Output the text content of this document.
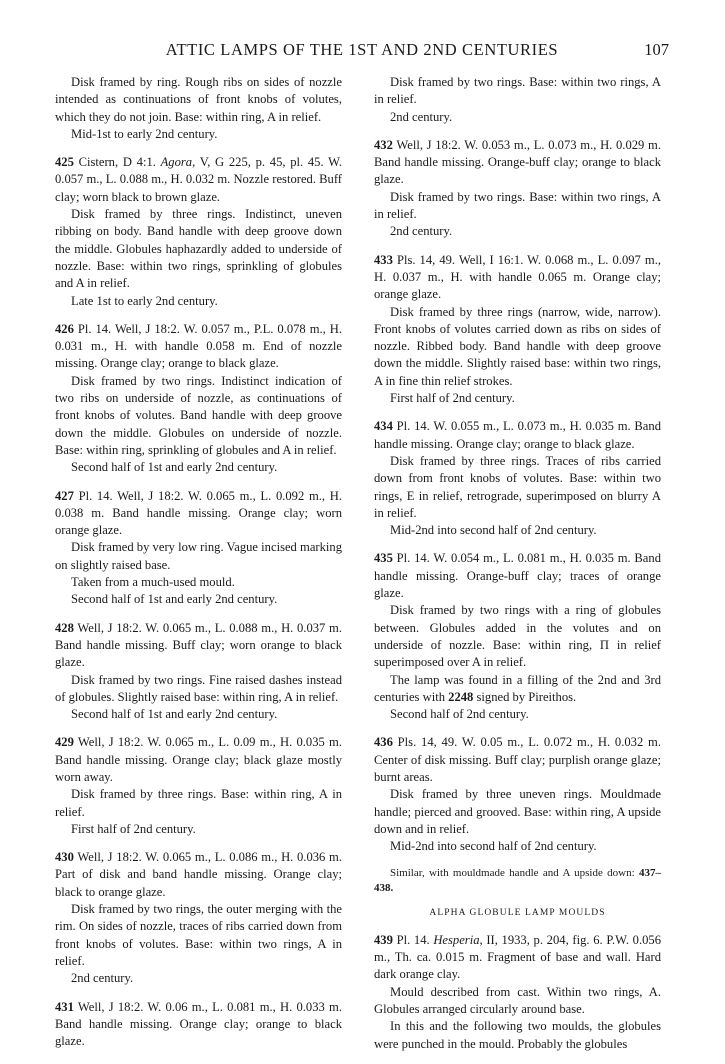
ATTIC LAMPS OF THE 1ST AND 2ND CENTURIES	107

Disk framed by ring. Rough ribs on sides of nozzle intended as continuations of front knobs of volutes, which they do not join. Base: within ring, A in relief.

Mid-1st to early 2nd century.

425 Cistern, D 4:1. Agora, V, G 225, p. 45, pl. 45. W. 0.057 m., L. 0.088 m., H. 0.032 m. Nozzle restored. Buff clay; worn black to brown glaze.

Disk framed by three rings. Indistinct, uneven ribbing on body. Band handle with deep groove down the middle. Globules haphazardly added to underside of nozzle. Base: within two rings, sprinkling of globules and A in relief.

Late 1st to early 2nd century.

426 Pl. 14. Well, J 18:2. W. 0.057 m., P.L. 0.078 m., H. 0.031 m., H. with handle 0.058 m. End of nozzle missing. Orange clay; orange to black glaze.

Disk framed by two rings. Indistinct indication of two ribs on underside of nozzle, as continuations of front knobs of volutes. Band handle with deep groove down the middle. Globules on underside of nozzle. Base: within ring, sprinkling of globules and A in relief.

Second half of 1st and early 2nd century.

427 Pl. 14. Well, J 18:2. W. 0.065 m., L. 0.092 m., H. 0.038 m. Band handle missing. Orange clay; worn orange glaze.

Disk framed by very low ring. Vague incised marking on slightly raised base.

Taken from a much-used mould.

Second half of 1st and early 2nd century.

428 Well, J 18:2. W. 0.065 m., L. 0.088 m., H. 0.037 m. Band handle missing. Buff clay; worn orange to black glaze.

Disk framed by two rings. Fine raised dashes instead of globules. Slightly raised base: within ring, A in relief.

Second half of 1st and early 2nd century.

429 Well, J 18:2. W. 0.065 m., L. 0.09 m., H. 0.035 m. Band handle missing. Orange clay; black glaze mostly worn away.

Disk framed by three rings. Base: within ring, A in relief.

First half of 2nd century.

430 Well, J 18:2. W. 0.065 m., L. 0.086 m., H. 0.036 m. Part of disk and band handle missing. Orange clay; black to orange glaze.

Disk framed by two rings, the outer merging with the rim. On sides of nozzle, traces of ribs carried down from front knobs of volutes. Base: within two rings, A in relief.

2nd century.

431 Well, J 18:2. W. 0.06 m., L. 0.081 m., H. 0.033 m. Band handle missing. Orange clay; orange to black glaze.

Disk framed by two rings. Base: within two rings, A in relief.

2nd century.

432 Well, J 18:2. W. 0.053 m., L. 0.073 m., H. 0.029 m. Band handle missing. Orange-buff clay; orange to black glaze.

Disk framed by two rings. Base: within two rings, A in relief.

2nd century.

433 Pls. 14, 49. Well, I 16:1. W. 0.068 m., L. 0.097 m., H. 0.037 m., H. with handle 0.065 m. Orange clay; orange glaze.

Disk framed by three rings (narrow, wide, narrow). Front knobs of volutes carried down as ribs on sides of nozzle. Ribbed body. Band handle with deep groove down the middle. Slightly raised base: within two rings, A in fine thin relief strokes.

First half of 2nd century.

434 Pl. 14. W. 0.055 m., L. 0.073 m., H. 0.035 m. Band handle missing. Orange clay; orange to black glaze.

Disk framed by three rings. Traces of ribs carried down from front knobs of volutes. Base: within two rings, E in relief, retrograde, superimposed on blurry A in relief.

Mid-2nd into second half of 2nd century.

435 Pl. 14. W. 0.054 m., L. 0.081 m., H. 0.035 m. Band handle missing. Orange-buff clay; traces of orange glaze.

Disk framed by two rings with a ring of globules between. Globules added in the volutes and on underside of nozzle. Base: within ring, Π in relief superimposed over A in relief.

The lamp was found in a filling of the 2nd and 3rd centuries with 2248 signed by Pireithos.

Second half of 2nd century.

436 Pls. 14, 49. W. 0.05 m., L. 0.072 m., H. 0.032 m. Center of disk missing. Buff clay; purplish orange glaze; burnt areas.

Disk framed by three uneven rings. Mouldmade handle; pierced and grooved. Base: within ring, A upside down and in relief.

Mid-2nd into second half of 2nd century.

Similar, with mouldmade handle and A upside down: 437–438.

ALPHA GLOBULE LAMP MOULDS

439 Pl. 14. Hesperia, II, 1933, p. 204, fig. 6. P.W. 0.056 m., Th. ca. 0.015 m. Fragment of base and wall. Hard dark orange clay.

Mould described from cast. Within two rings, A. Globules arranged circularly around base.

In this and the following two moulds, the globules were punched in the mould. Probably the globules
